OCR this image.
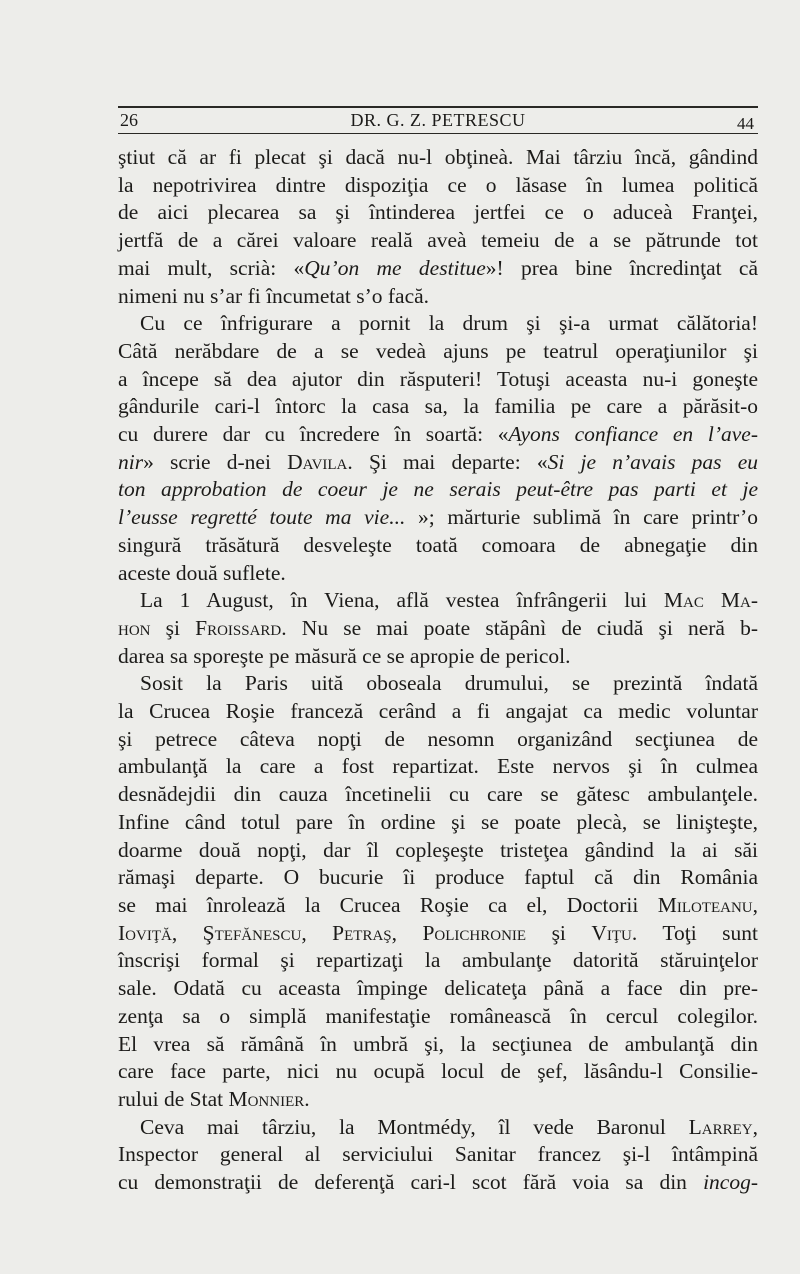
26	DR. G. Z. PETRESCU	44

ştiut că ar fi plecat şi dacă nu-l obţineà. Mai târziu încă, gândind
la nepotrivirea dintre dispoziţia ce o lăsase în lumea politică
de aici plecarea sa şi întinderea jertfei ce o aduceà Franţei,
jertfă de a cărei valoare reală aveà temeiu de a se pătrunde tot
mai mult, scrià: «Qu’on me destitue»! prea bine încredinţat că
nimeni nu s’ar fi încumetat s’o facă.

Cu ce înfrigurare a pornit la drum şi şi-a urmat călătoria!
Câtă nerăbdare de a se vedeà ajuns pe teatrul operaţiunilor şi
a începe să dea ajutor din răsputeri! Totuşi aceasta nu-i goneşte
gândurile cari-l întorc la casa sa, la familia pe care a părăsit-o
cu durere dar cu încredere în soartă: «Ayons confiance en l’ave-
nir» scrie d-nei Davila. Şi mai departe: «Si je n’avais pas eu
ton approbation de coeur je ne serais peut-être pas parti et je
l’eusse regretté toute ma vie... »; mărturie sublimă în care printr’o
singură trăsătură desveleşte toată comoara de abnegaţie din
aceste două suflete.

La 1 August, în Viena, află vestea înfrângerii lui Mac Ma-
hon şi Froissard. Nu se mai poate stăpânì de ciudă şi neră b-
darea sa sporeşte pe măsură ce se apropie de pericol.

Sosit la Paris uită oboseala drumului, se prezintă îndată
la Crucea Roşie franceză cerând a fi angajat ca medic voluntar
şi petrece câteva nopţi de nesomn organizând secţiunea de
ambulanţă la care a fost repartizat. Este nervos şi în culmea
desnădejdii din cauza încetinelii cu care se gătesc ambulanţele.
Infine când totul pare în ordine şi se poate plecà, se linişteşte,
doarme două nopţi, dar îl copleşeşte tristeţea gândind la ai săi
rămaşi departe. O bucurie îi produce faptul că din România
se mai înrolează la Crucea Roşie ca el, Doctorii Miloteanu,
Ioviţă, Ştefănescu, Petraş, Polichronie şi Viţu. Toţi sunt
înscrişi formal şi repartizaţi la ambulanţe datorită stăruinţelor
sale. Odată cu aceasta împinge delicateţa până a face din pre-
zenţa sa o simplă manifestaţie românească în cercul colegilor.
El vrea să rămână în umbră şi, la secţiunea de ambulanţă din
care face parte, nici nu ocupă locul de şef, lăsându-l Consilie-
rului de Stat Monnier.

Ceva mai târziu, la Montmédy, îl vede Baronul Larrey,
Inspector general al serviciului Sanitar francez şi-l întâmpină
cu demonstraţii de deferenţă cari-l scot fără voia sa din incog-
